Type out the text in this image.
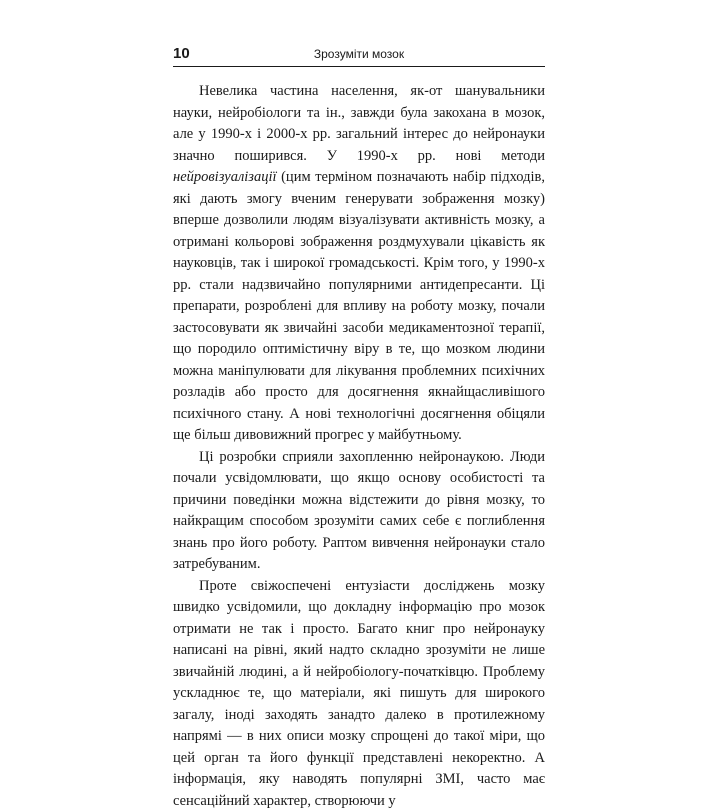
10	Зрозуміти мозок

Невелика частина населення, як-от шанувальники науки, нейробіологи та ін., завжди була закохана в мозок, але у 1990-х і 2000-х рр. загальний інтерес до нейронауки значно поширився. У 1990-х рр. нові методи нейровізуалізації (цим терміном позначають набір підходів, які дають змогу вченим генерувати зображення мозку) вперше дозволили людям візуалізувати активність мозку, а отримані кольорові зображення роздмухували цікавість як науковців, так і широкої громадськості. Крім того, у 1990-х рр. стали надзвичайно популярними антидепресанти. Ці препарати, розроблені для впливу на роботу мозку, почали застосовувати як звичайні засоби медикаментозної терапії, що породило оптимістичну віру в те, що мозком людини можна маніпулювати для лікування проблемних психічних розладів або просто для досягнення якнайщасливішого психічного стану. А нові технологічні досягнення обіцяли ще більш дивовижний прогрес у майбутньому.

Ці розробки сприяли захопленню нейронаукою. Люди почали усвідомлювати, що якщо основу особистості та причини поведінки можна відстежити до рівня мозку, то найкращим способом зрозуміти самих себе є поглиблення знань про його роботу. Раптом вивчення нейронауки стало затребуваним.

Проте свіжоспечені ентузіасти досліджень мозку швидко усвідомили, що докладну інформацію про мозок отримати не так і просто. Багато книг про нейронауку написані на рівні, який надто складно зрозуміти не лише звичайній людині, а й нейробіологу-початківцю. Проблему ускладнює те, що матеріали, які пишуть для широкого загалу, іноді заходять занадто далеко в протилежному напрямі — в них описи мозку спрощені до такої міри, що цей орган та його функції представлені некоректно. А інформація, яку наводять популярні ЗМІ, часто має сенсаційний характер, створюючи у
